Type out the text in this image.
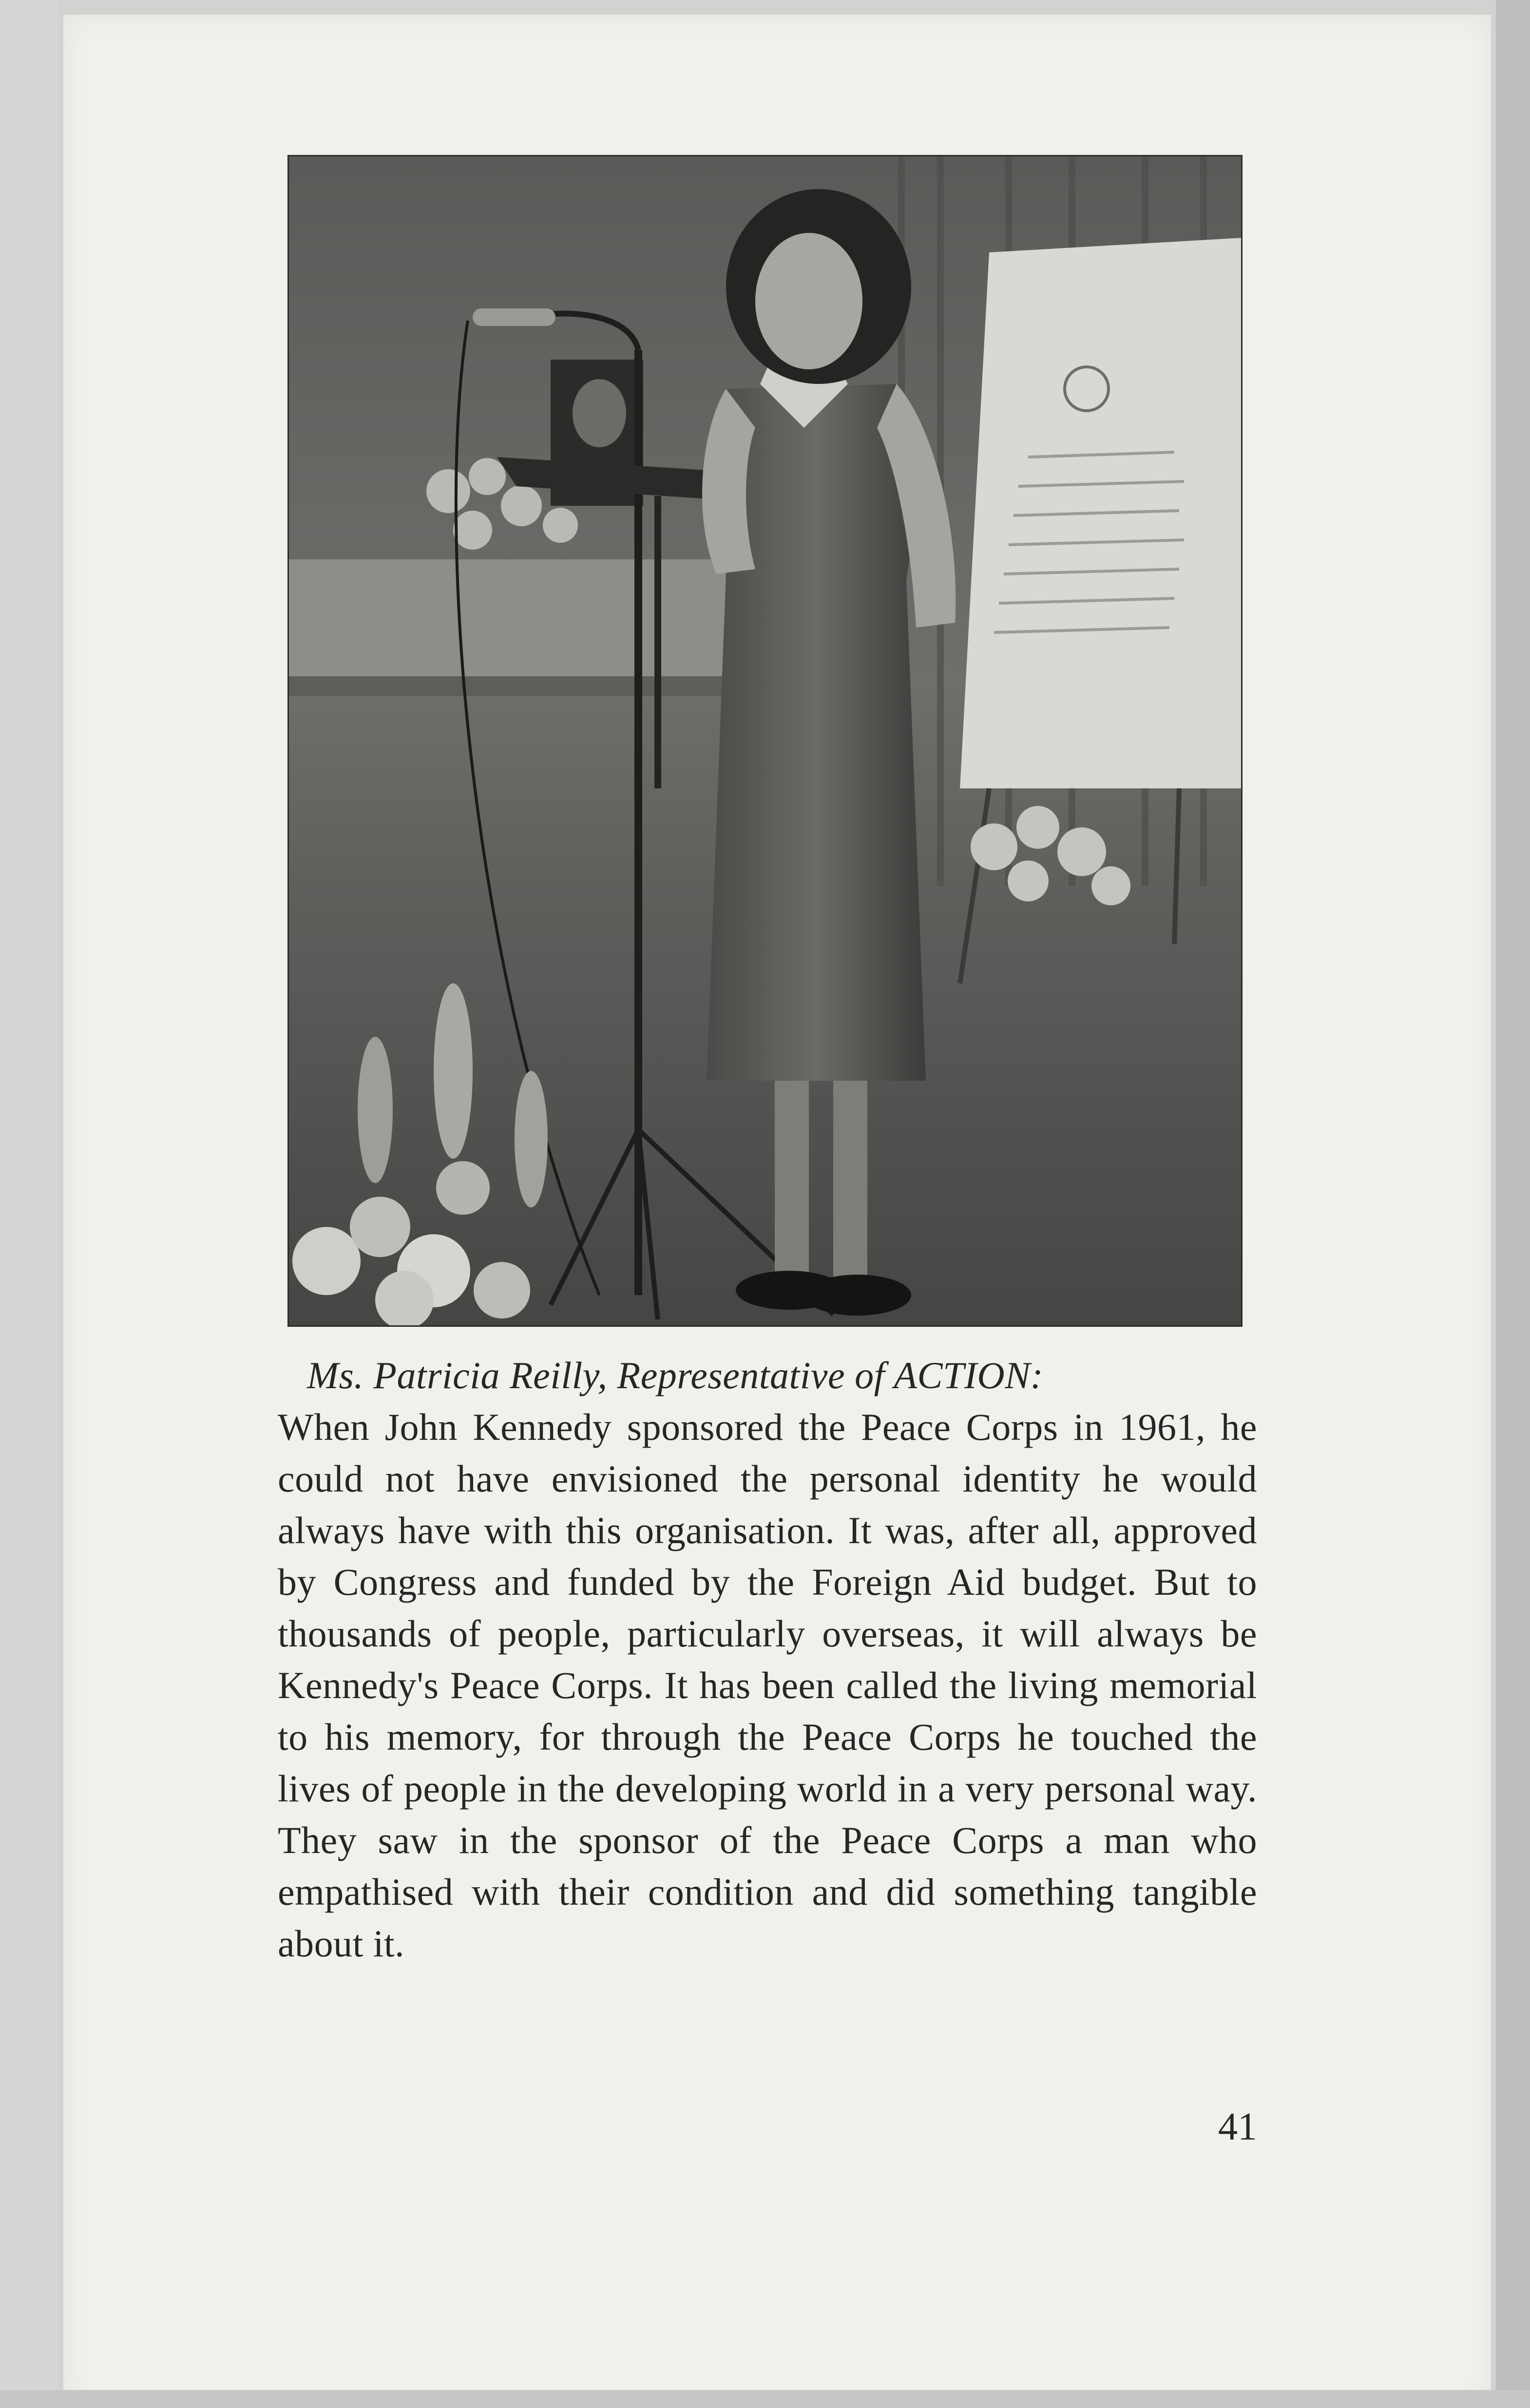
Ms. Patricia Reilly, Representative of ACTION:
When John Kennedy sponsored the Peace Corps in 1961, he could not have envisioned the personal identity he would always have with this organisation. It was, after all, approved by Congress and funded by the Foreign Aid budget. But to thousands of people, particularly overseas, it will always be Kennedy's Peace Corps. It has been called the living memorial to his memory, for through the Peace Corps he touched the lives of people in the developing world in a very personal way. They saw in the sponsor of the Peace Corps a man who empathised with their condition and did something tangible about it.
41
